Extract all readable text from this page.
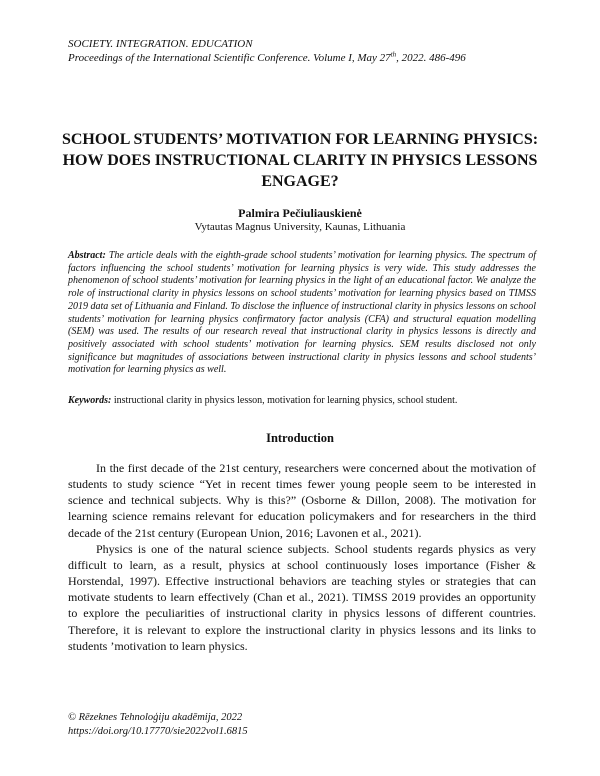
SOCIETY. INTEGRATION. EDUCATION
Proceedings of the International Scientific Conference. Volume I, May 27th, 2022. 486-496
SCHOOL STUDENTS’ MOTIVATION FOR LEARNING PHYSICS: HOW DOES INSTRUCTIONAL CLARITY IN PHYSICS LESSONS ENGAGE?
Palmira Pečiuliauskienė
Vytautas Magnus University, Kaunas, Lithuania
Abstract: The article deals with the eighth-grade school students’ motivation for learning physics. The spectrum of factors influencing the school students’ motivation for learning physics is very wide. This study addresses the phenomenon of school students’ motivation for learning physics in the light of an educational factor. We analyze the role of instructional clarity in physics lessons on school students’ motivation for learning physics based on TIMSS 2019 data set of Lithuania and Finland. To disclose the influence of instructional clarity in physics lessons on school students’ motivation for learning physics confirmatory factor analysis (CFA) and structural equation modelling (SEM) was used. The results of our research reveal that instructional clarity in physics lessons is directly and positively associated with school students’ motivation for learning physics. SEM results disclosed not only significance but magnitudes of associations between instructional clarity in physics lessons and school students’ motivation for learning physics as well.
Keywords: instructional clarity in physics lesson, motivation for learning physics, school student.
Introduction

In the first decade of the 21st century, researchers were concerned about the motivation of students to study science “Yet in recent times fewer young people seem to be interested in science and technical subjects. Why is this?” (Osborne & Dillon, 2008). The motivation for learning science remains relevant for education policymakers and for researchers in the third decade of the 21st century (European Union, 2016; Lavonen et al., 2021).

Physics is one of the natural science subjects. School students regards physics as very difficult to learn, as a result, physics at school continuously loses importance (Fisher & Horstendal, 1997). Effective instructional behaviors are teaching styles or strategies that can motivate students to learn effectively (Chan et al., 2021). TIMSS 2019 provides an opportunity to explore the peculiarities of instructional clarity in physics lessons of different countries. Therefore, it is relevant to explore the instructional clarity in physics lessons and its links to students ’motivation to learn physics.

© Rēzeknes Tehnoloģiju akadēmija, 2022
https://doi.org/10.17770/sie2022vol1.6815
